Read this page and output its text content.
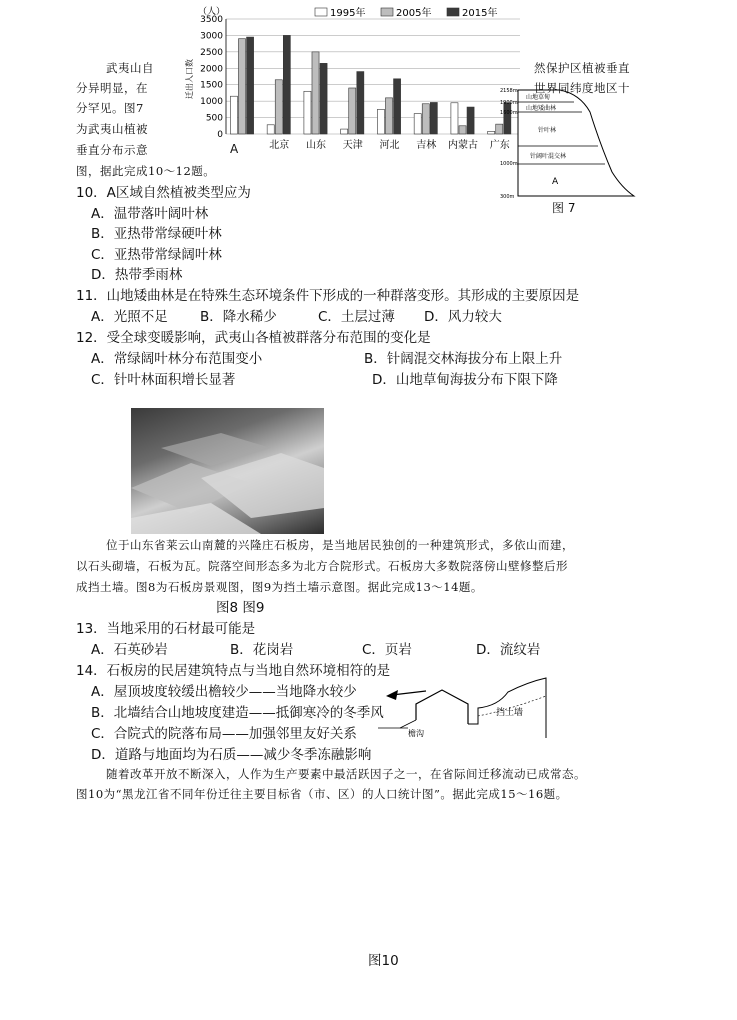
（人）
迁出人口数
0
500
1000
1500
2000
2500
3000
3500
北京 山东 天津 河北 吉林 内蒙古 广东
1995年	2005年	2015年
A
山地草甸
山地矮曲林
针叶林
针阔叶混交林
A
2158m
1900m
1600m
1000m
300m
图 7
武夷山自
分异明显，在
分罕见。图7
为武夷山植被
垂直分布示意
图，据此完成10～12题。
然保护区植被垂直
世界同纬度地区十
10．A区域自然植被类型应为
A．温带落叶阔叶林
B．亚热带常绿硬叶林
C．亚热带常绿阔叶林
D．热带季雨林
11．山地矮曲林是在特殊生态环境条件下形成的一种群落变形。其形成的主要原因是
A．光照不足 B．降水稀少	C．土层过薄 D．风力较大
12．受全球变暖影响，武夷山各植被群落分布范围的变化是
A．常绿阔叶林分布范围变小	B．针阔混交林海拔分布上限上升
C．针叶林面积增长显著	D．山地草甸海拔分布下限下降
位于山东省莱云山南麓的兴隆庄石板房，是当地居民独创的一种建筑形式，多依山而建，
以石头砌墙，石板为瓦。院落空间形态多为北方合院形式。石板房大多数院落傍山壁修整后形
成挡土墙。图8为石板房景观图，图9为挡土墙示意图。据此完成13～14题。
图8 图9
13．当地采用的石材最可能是
A．石英砂岩	B．花岗岩	C．页岩	D．流纹岩
14．石板房的民居建筑特点与当地自然环境相符的是
A．屋顶坡度较缓出檐较少——当地降水较少
B．北墙结合山地坡度建造——抵御寒冷的冬季风
C．合院式的院落布局——加强邻里友好关系
D．道路与地面均为石质——减少冬季冻融影响
挡土墙
檐沟
随着改革开放不断深入，人作为生产要素中最活跃因子之一，在省际间迁移流动已成常态。
图10为“黑龙江省不同年份迁往主要目标省（市、区）的人口统计图”。据此完成15～16题。
图10
